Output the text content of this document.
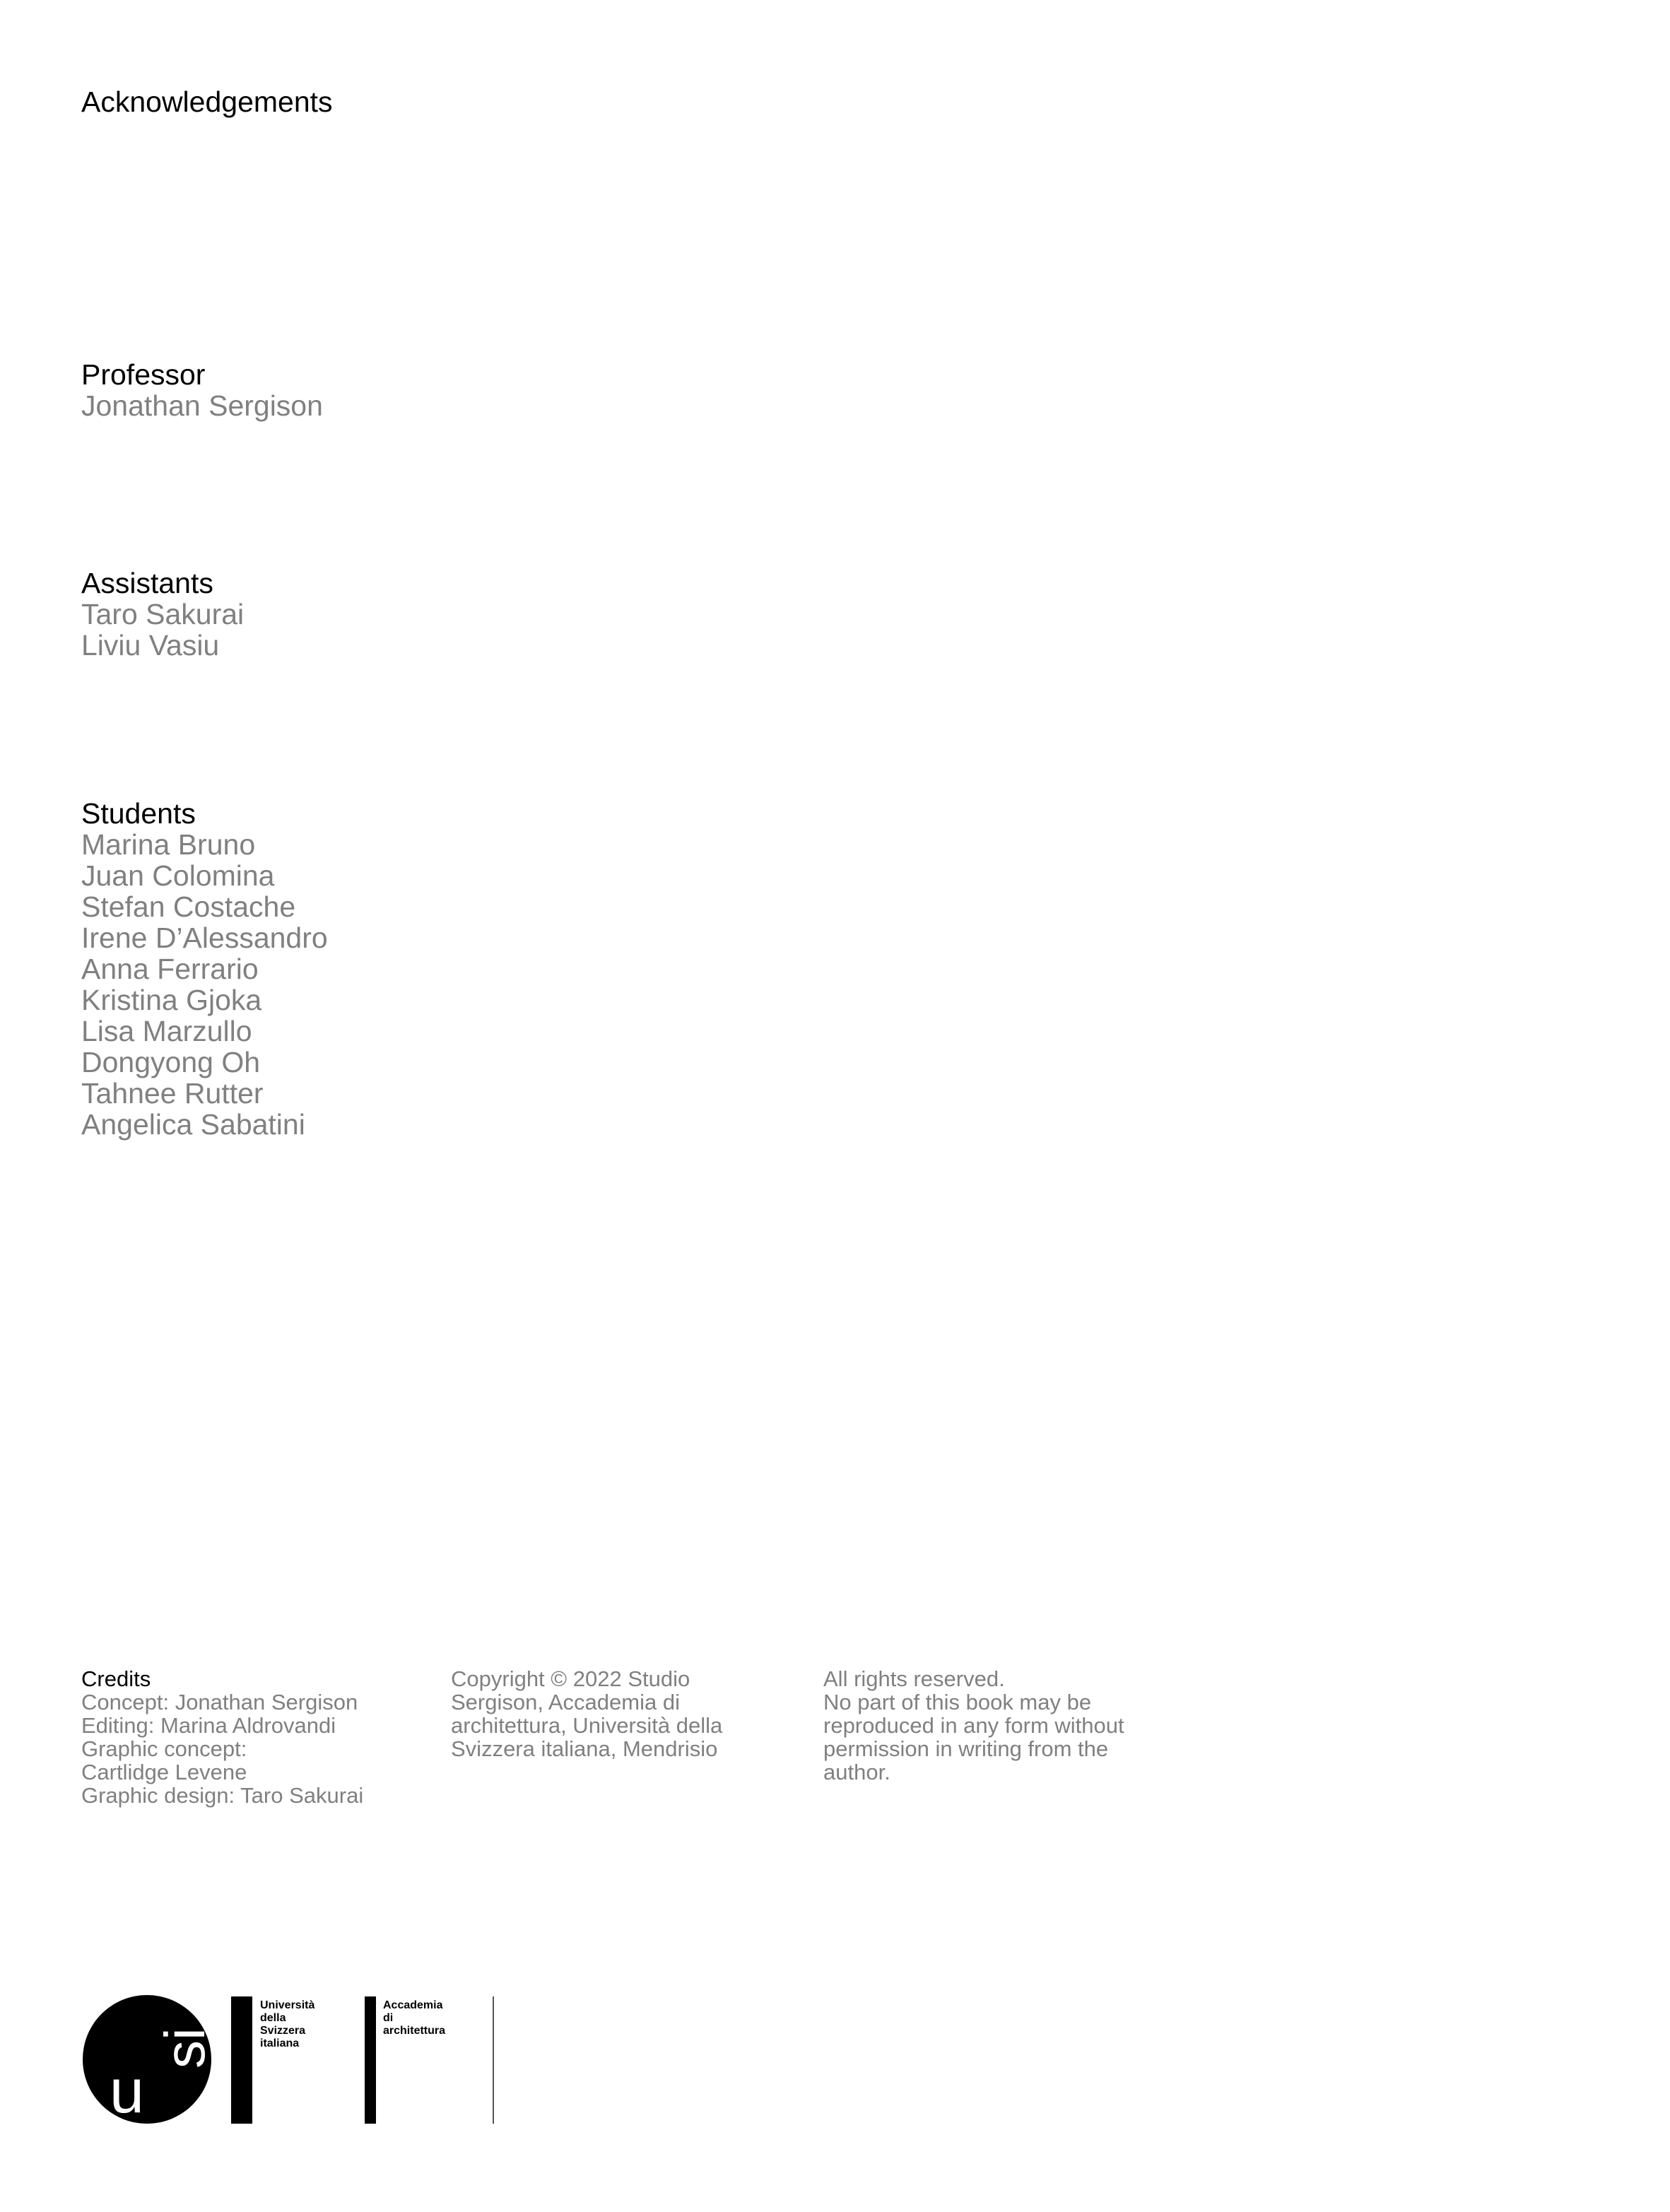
Acknowledgements
Professor
Jonathan Sergison
Assistants
Taro Sakurai
Liviu Vasiu
Students
Marina Bruno
Juan Colomina
Stefan Costache
Irene D’Alessandro
Anna Ferrario
Kristina Gjoka
Lisa Marzullo
Dongyong Oh
Tahnee Rutter
Angelica Sabatini
Credits
Concept: Jonathan Sergison
Editing: Marina Aldrovandi
Graphic concept:
Cartlidge Levene
Graphic design: Taro Sakurai
Copyright © 2022 Studio
Sergison, Accademia di
architettura, Università della
Svizzera italiana, Mendrisio
All rights reserved.
No part of this book may be
reproduced in any form without
permission in writing from the
author.
u
si
Università
della
Svizzera
italiana
Accademia
di
architettura
